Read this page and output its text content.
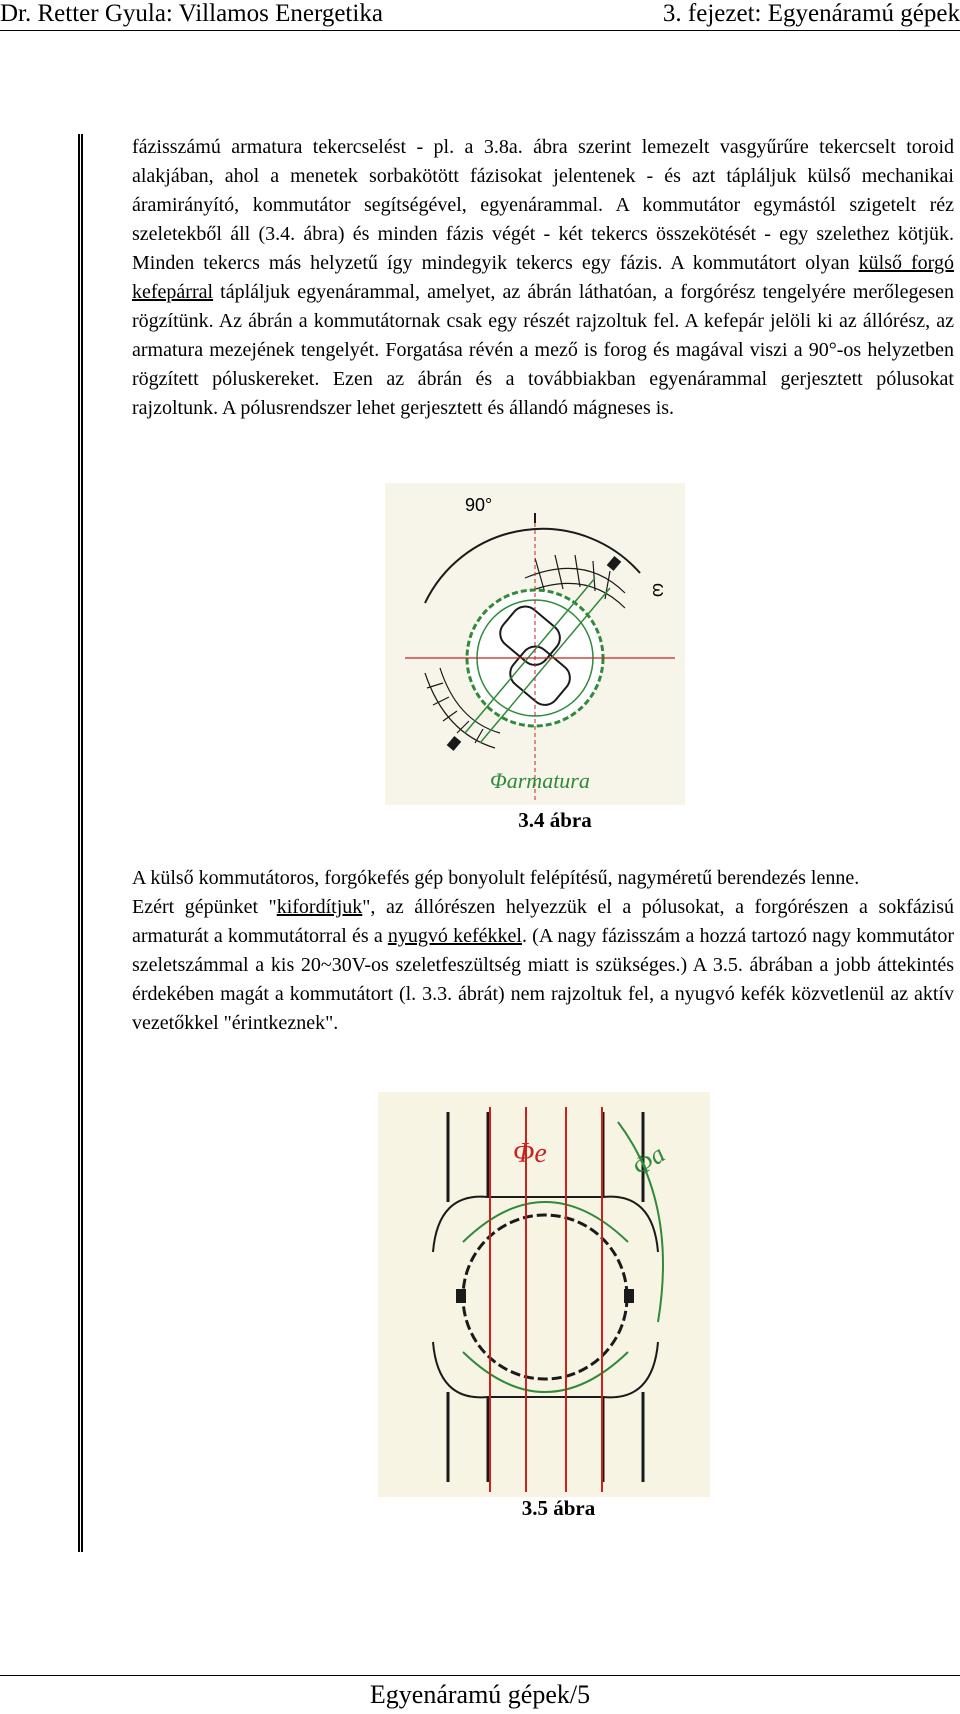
Dr. Retter Gyula: Villamos Energetika	3. fejezet: Egyenáramú gépek

fázisszámú armatura tekercselést - pl. a 3.8a. ábra szerint lemezelt vasgyűrűre tekercselt toroid alakjában, ahol a menetek sorbakötött fázisokat jelentenek - és azt tápláljuk külső mechanikai áramirányító, kommutátor segítségével, egyenárammal. A kommutátor egymástól szigetelt réz szeletekből áll (3.4. ábra) és minden fázis végét - két tekercs összekötését - egy szelethez kötjük. Minden tekercs más helyzetű így mindegyik tekercs egy fázis. A kommutátort olyan külső forgó kefepárral tápláljuk egyenárammal, amelyet, az ábrán láthatóan, a forgórész tengelyére merőlegesen rögzítünk. Az ábrán a kommutátornak csak egy részét rajzoltuk fel. A kefepár jelöli ki az állórész, az armatura mezejének tengelyét. Forgatása révén a mező is forog és magával viszi a 90°-os helyzetben rögzített póluskereket. Ezen az ábrán és a továbbiakban egyenárammal gerjesztett pólusokat rajzoltunk. A pólusrendszer lehet gerjesztett és állandó mágneses is.

90°
ω
Φarmatura
3.4 ábra

A külső kommutátoros, forgókefés gép bonyolult felépítésű, nagyméretű berendezés lenne.

Ezért gépünket "kifordítjuk", az állórészen helyezzük el a pólusokat, a forgórészen a sokfázisú armaturát a kommutátorral és a nyugvó kefékkel. (A nagy fázisszám a hozzá tartozó nagy kommutátor szeletszámmal a kis 20~30V-os szeletfeszültség miatt is szükséges.) A 3.5. ábrában a jobb áttekintés érdekében magát a kommutátort (l. 3.3. ábrát) nem rajzoltuk fel, a nyugvó kefék közvetlenül az aktív vezetőkkel "érintkeznek".

Φe	Φa
3.5 ábra
Egyenáramú gépek/5
